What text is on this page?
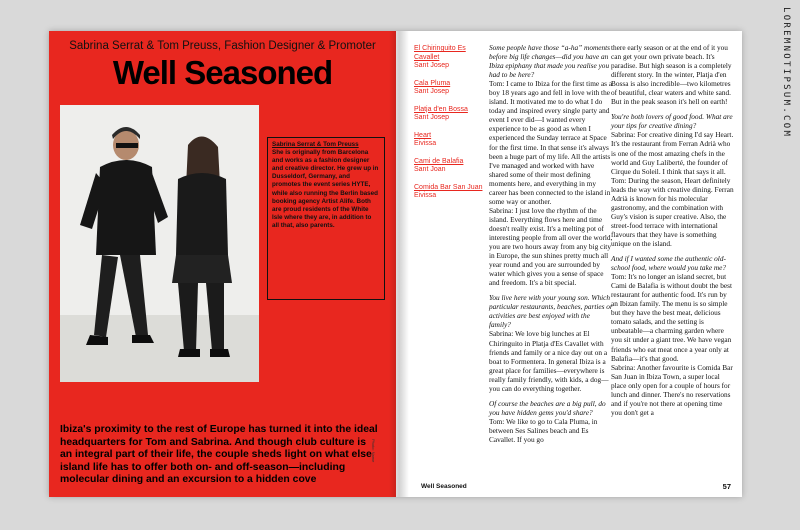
Sabrina Serrat & Tom Preuss, Fashion Designer & Promoter
Well Seasoned
Sabrina Serrat & Tom Preuss
She is originally from Barcelona and works as a fashion designer and creative director. He grew up in Dusseldorf, Germany, and promotes the event series HYTE, while also running the Berlin based booking agency Artist Alife. Both are proud residents of the White Isle where they are, in addition to all that, also parents.
Ibiza's proximity to the rest of Europe has turned it into the ideal headquarters for Tom and Sabrina. And though club culture is an integral part of their life, the couple sheds light on what else island life has to offer both on- and off-season—including molecular dining and an excursion to a hidden cove
Photo: Name
El Chiringuito Es Cavallet
Sant Josep
Cala Pluma
Sant Josep
Platja d'en Bossa
Sant Josep
Heart
Eivissa
Cami de Balafia
Sant Joan
Comida Bar San Juan
Eivissa

Some people have those “a-ha” moments before big life changes—did you have an Ibiza epiphany that made you realise you had to be here?

Tom: I came to Ibiza for the first time as a boy 18 years ago and fell in love with the island. It motivated me to do what I do today and inspired every single party and event I ever did—I wanted every experience to be as good as when I experienced the Sunday terrace at Space for the first time. In that sense it's always been a huge part of my life. All the artists I've managed and worked with have shared some of their most defining moments here, and everything in my career has been connected to the island in some way or another.

Sabrina: I just love the rhythm of the island. Everything flows here and time doesn't really exist. It's a melting pot of interesting people from all over the world, you are two hours away from any big city in Europe, the sun shines pretty much all year round and you are surrounded by water which gives you a sense of space and freedom. It's a bit special.

You live here with your young son. Which particular restaurants, beaches, parties or activities are best enjoyed with the family?

Sabrina: We love big lunches at El Chiringuito in Platja d'Es Cavallet with friends and family or a nice day out on a boat to Formentera. In general Ibiza is a great place for families—everywhere is really family friendly, with kids, a dog—you can do everything together.

Of course the beaches are a big pull, do you have hidden gems you'd share?

Tom: We like to go to Cala Pluma, in between Ses Salines beach and Es Cavallet. If you go

there early season or at the end of it you can get your own private beach. It's paradise. But high season is a completely different story. In the winter, Platja d'en Bossa is also incredible—two kilometres of beautiful, clear waters and white sand. But in the peak season it's hell on earth!

You're both lovers of good food. What are your tips for creative dining?

Sabrina: For creative dining I'd say Heart. It's the restaurant from Ferran Adrià who is one of the most amazing chefs in the world and Guy Laliberté, the founder of Cirque du Soleil. I think that says it all.

Tom: During the season, Heart definitely leads the way with creative dining. Ferran Adrià is known for his molecular gastronomy, and the combination with Guy's vision is super creative. Also, the street-food terrace with international flavours that they have is something unique on the island.

And if I wanted some the authentic old-school food, where would you take me?

Tom: It's no longer an island secret, but Cami de Balafia is without doubt the best restaurant for authentic food. It's run by an Ibizan family. The menu is so simple but they have the best meat, delicious tomato salads, and the setting is unbeatable—a charming garden where you sit under a giant tree. We have vegan friends who eat meat once a year only at Balafia—it's that good.

Sabrina: Another favourite is Comida Bar San Juan in Ibiza Town, a super local place only open for a couple of hours for lunch and dinner. There's no reservations and if you're not there at opening time you don't get a

Well Seasoned	57
LOREMNOTIPSUM.COM
